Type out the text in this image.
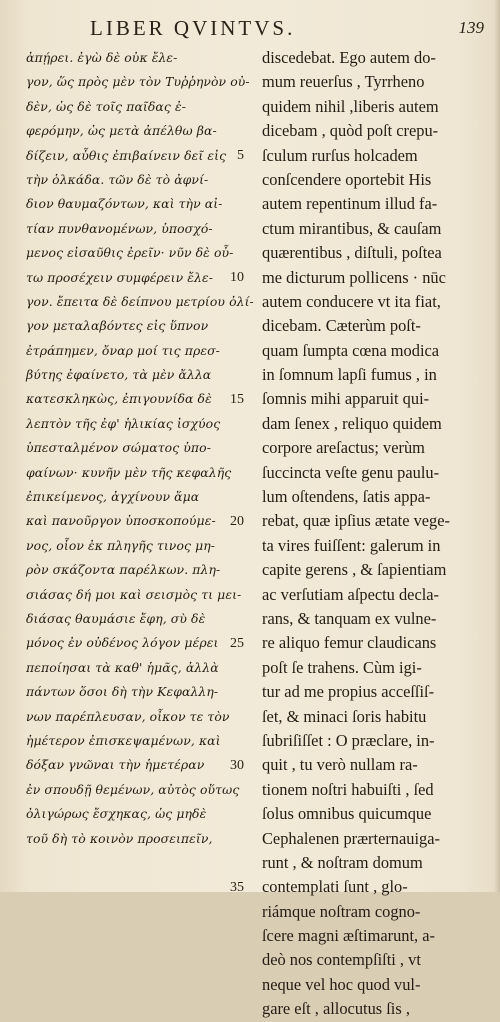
LIBER QVINTVS.	139
ἀπῄρει. ἐγὼ δὲ οὐκ ἔλε-
γον, ὥς πρὸς μὲν τὸν Τυῤῥηνὸν οὐ-
δὲν, ὡς δὲ τοῖς παῖδας ἐ-
φερόμην, ὡς μετὰ ἀπέλθω βα-
δίζειν, αὖθις ἐπιβαίνειν δεῖ εἰς
τὴν ὁλκάδα. τῶν δὲ τὸ ἀφνί-
διον θαυμαζόντων, καὶ τὴν αἰ-
τίαν πυνθανομένων, ὑποσχό-
μενος εἰσαῦθις ἐρεῖν· νῦν δὲ οὖ-
τω προσέχειν συμφέρειν ἔλε-
γον. ἔπειτα δὲ δείπνου μετρίου ὀλί-
γον μεταλαβόντες εἰς ὕπνον
ἐτράπημεν, ὄναρ μοί τις πρεσ-
βύτης ἐφαίνετο, τὰ μὲν ἄλλα
κατεσκληκὼς, ἐπιγουνίδα δὲ
λεπτὸν τῆς ἐφ' ἡλικίας ἰσχύος
ὑπεσταλμένον σώματος ὑπο-
φαίνων· κυνῆν μὲν τῆς κεφαλῆς
ἐπικείμενος, ἀγχίνουν ἅμα
καὶ πανοῦργον ὑποσκοπούμε-
νος, οἷον ἐκ πληγῆς τινος μη-
ρὸν σκάζοντα παρέλκων. πλη-
σιάσας δή μοι καὶ σεισμὸς τι μει-
διάσας θαυμάσιε ἔφη, σὺ δὲ
μόνος ἐν οὐδένος λόγον μέρει
πεποίησαι τὰ καθ' ἡμᾶς, ἀλλὰ
πάντων ὅσοι δὴ τὴν Κεφαλλη-
νων παρέπλευσαν, οἶκον τε τὸν
ἡμέτερον ἐπισκεψαμένων, καὶ
δόξαν γνῶναι τὴν ἡμετέραν
ἐν σπουδῇ θεμένων, αὐτὸς οὕτως
ὀλιγώρως ἔσχηκας, ὡς μηδὲ
τοῦ δὴ τὸ κοινὸν προσειπεῖν,
discedebat. Ego autem do-
mum reuerſus , Tyrrheno
quidem nihil ,liberis autem
dicebam , quòd poſt crepu-
ſculum rurſus holcadem
conſcendere oportebit His
autem repentinum illud fa-
ctum mirantibus, & cauſam
quærentibus , diſtuli, poſtea
me dicturum pollicens · nūc
autem conducere vt ita fiat,
dicebam. Cæterùm poſt-
quam ſumpta cœna modica
in ſomnum lapſi fumus , in
ſomnis mihi apparuit qui-
dam ſenex , reliquo quidem
corpore areſactus; verùm
ſuccincta veſte genu paulu-
lum oſtendens, ſatis appa-
rebat, quæ ipſius ætate vege-
ta vires fuiſſent: galerum in
capite gerens , & ſapientiam
ac verſutiam aſpectu decla-
rans, & tanquam ex vulne-
re aliquo femur claudicans
poſt ſe trahens. Cùm igi-
tur ad me propius acceſſiſ-
ſet, & minaci ſoris habitu
ſubriſiſſet : O præclare, in-
quit , tu verò nullam ra-
tionem noſtri habuiſti , ſed
ſolus omnibus quicumque
Cephalenen prærternauiga-
runt , & noſtram domum
contemplati ſunt , glo-
riámque noſtram cogno-
ſcere magni æſtimarunt, a-
deò nos contempſiſti , vt
neque vel hoc quod vul-
gare eſt , allocutus ſis ,
5
10
15
20
25
30
35
